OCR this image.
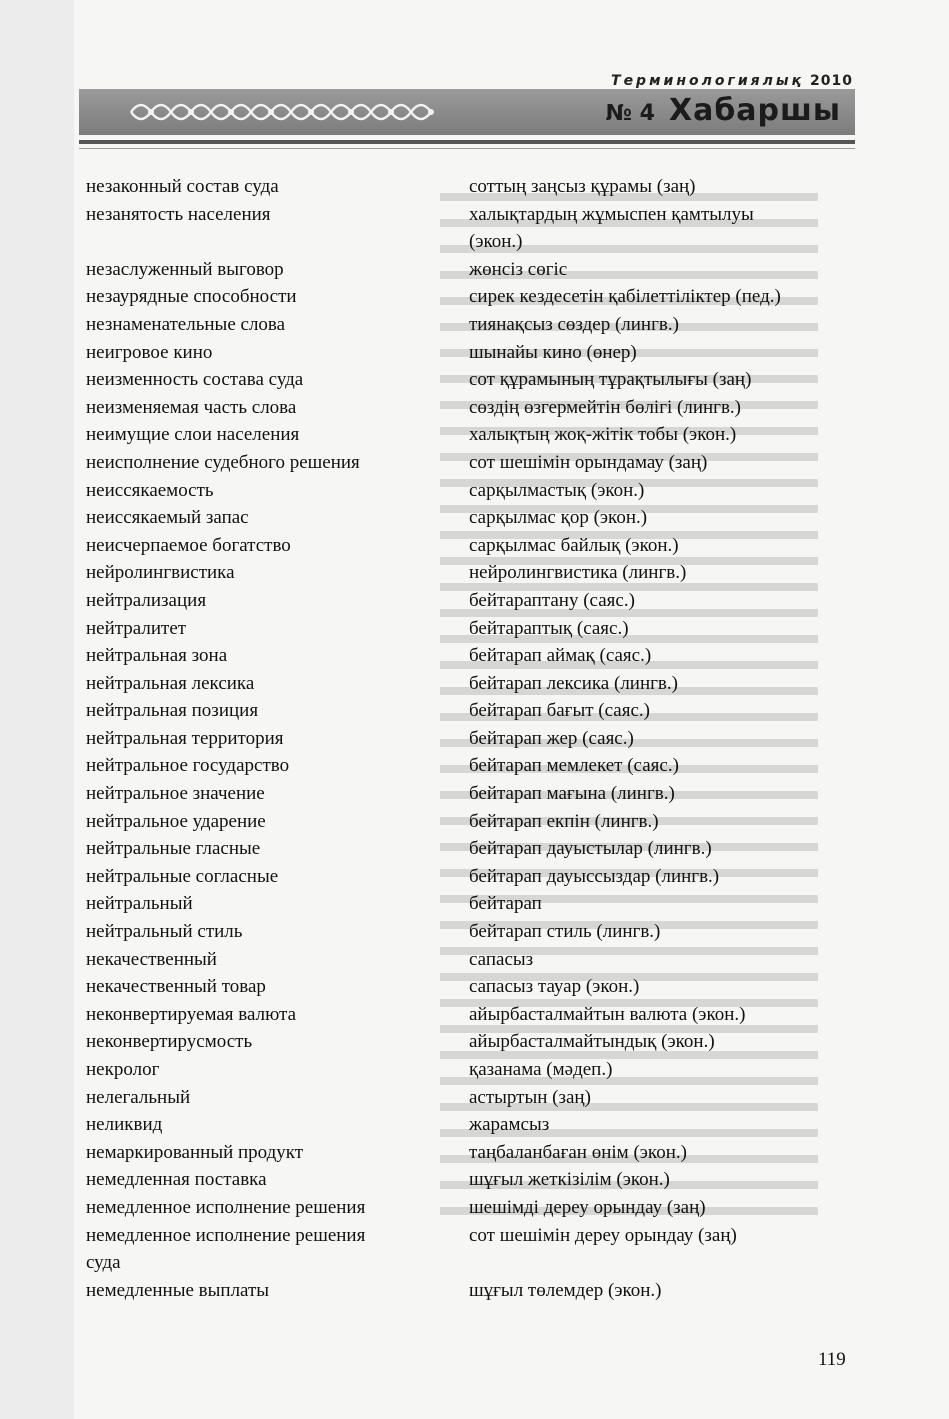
Терминологиялық 2010
№ 4 Хабаршы
незаконный состав суда	соттың заңсыз құрамы (заң)
незанятость населения	халықтардың жұмыспен қамтылуы
(экон.)
незаслуженный выговор	жөнсіз сөгіс
незаурядные способности	сирек кездесетін қабілеттіліктер (пед.)
незнаменательные слова	тиянақсыз сөздер (лингв.)
неигровое кино	шынайы кино (өнер)
неизменность состава суда	сот құрамының тұрақтылығы (заң)
неизменяемая часть слова	сөздің өзгермейтін бөлігі (лингв.)
неимущие слои населения	халықтың жоқ-жітік тобы (экон.)
неисполнение судебного решения	сот шешімін орындамау (заң)
неиссякаемость	сарқылмастық (экон.)
неиссякаемый запас	сарқылмас қор (экон.)
неисчерпаемое богатство	сарқылмас байлық (экон.)
нейролингвистика	нейролингвистика (лингв.)
нейтрализация	бейтараптану (саяс.)
нейтралитет	бейтараптық (саяс.)
нейтральная зона	бейтарап аймақ (саяс.)
нейтральная лексика	бейтарап лексика (лингв.)
нейтральная позиция	бейтарап бағыт (саяс.)
нейтральная территория	бейтарап жер (саяс.)
нейтральное государство	бейтарап мемлекет (саяс.)
нейтральное значение	бейтарап мағына (лингв.)
нейтральное ударение	бейтарап екпін (лингв.)
нейтральные гласные	бейтарап дауыстылар (лингв.)
нейтральные согласные	бейтарап дауыссыздар (лингв.)
нейтральный	бейтарап
нейтральный стиль	бейтарап стиль (лингв.)
некачественный	сапасыз
некачественный товар	сапасыз тауар (экон.)
неконвертируемая валюта	айырбасталмайтын валюта (экон.)
неконвертирусмость	айырбасталмайтындық (экон.)
некролог	қазанама (мәдеп.)
нелегальный	астыртын (заң)
неликвид	жарамсыз
немаркированный продукт	таңбаланбаған өнім (экон.)
немедленная поставка	шұғыл жеткізілім (экон.)
немедленное исполнение решения	шешімді дереу орындау (заң)
немедленное исполнение решения	сот шешімін дереу орындау (заң)
суда
немедленные выплаты	шұғыл төлемдер (экон.)
119
